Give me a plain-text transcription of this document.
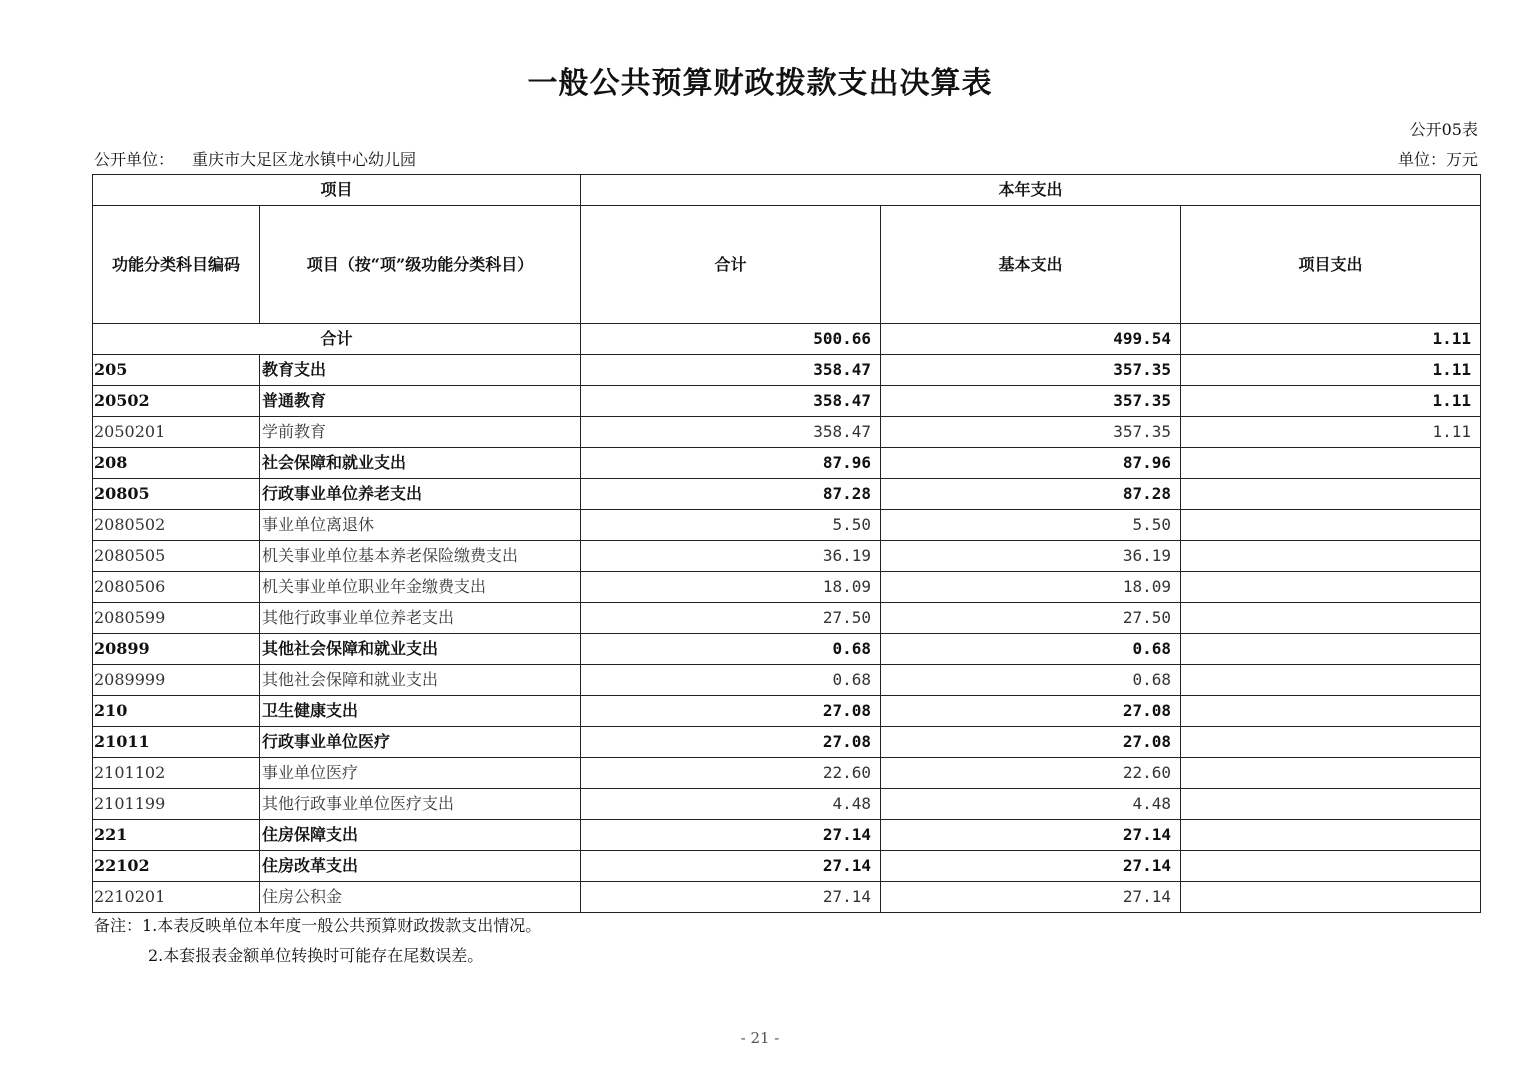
一般公共预算财政拨款支出决算表
公开05表
公开单位： 重庆市大足区龙水镇中心幼儿园	单位：万元
项目		本年支出		
功能分类科目编码	项目（按“项”级功能分类科目）	合计	基本支出	项目支出
合计		500.66	499.54	1.11
205	教育支出	358.47	357.35	1.11
20502	普通教育	358.47	357.35	1.11
2050201	学前教育	358.47	357.35	1.11
208	社会保障和就业支出	87.96	87.96	
20805	行政事业单位养老支出	87.28	87.28	
2080502	事业单位离退休	5.50	5.50	
2080505	机关事业单位基本养老保险缴费支出	36.19	36.19	
2080506	机关事业单位职业年金缴费支出	18.09	18.09	
2080599	其他行政事业单位养老支出	27.50	27.50	
20899	其他社会保障和就业支出	0.68	0.68	
2089999	其他社会保障和就业支出	0.68	0.68	
210	卫生健康支出	27.08	27.08	
21011	行政事业单位医疗	27.08	27.08	
2101102	事业单位医疗	22.60	22.60	
2101199	其他行政事业单位医疗支出	4.48	4.48	
221	住房保障支出	27.14	27.14	
22102	住房改革支出	27.14	27.14	
2210201	住房公积金	27.14	27.14	
备注：1.本表反映单位本年度一般公共预算财政拨款支出情况。
2.本套报表金额单位转换时可能存在尾数误差。
- 21 -
